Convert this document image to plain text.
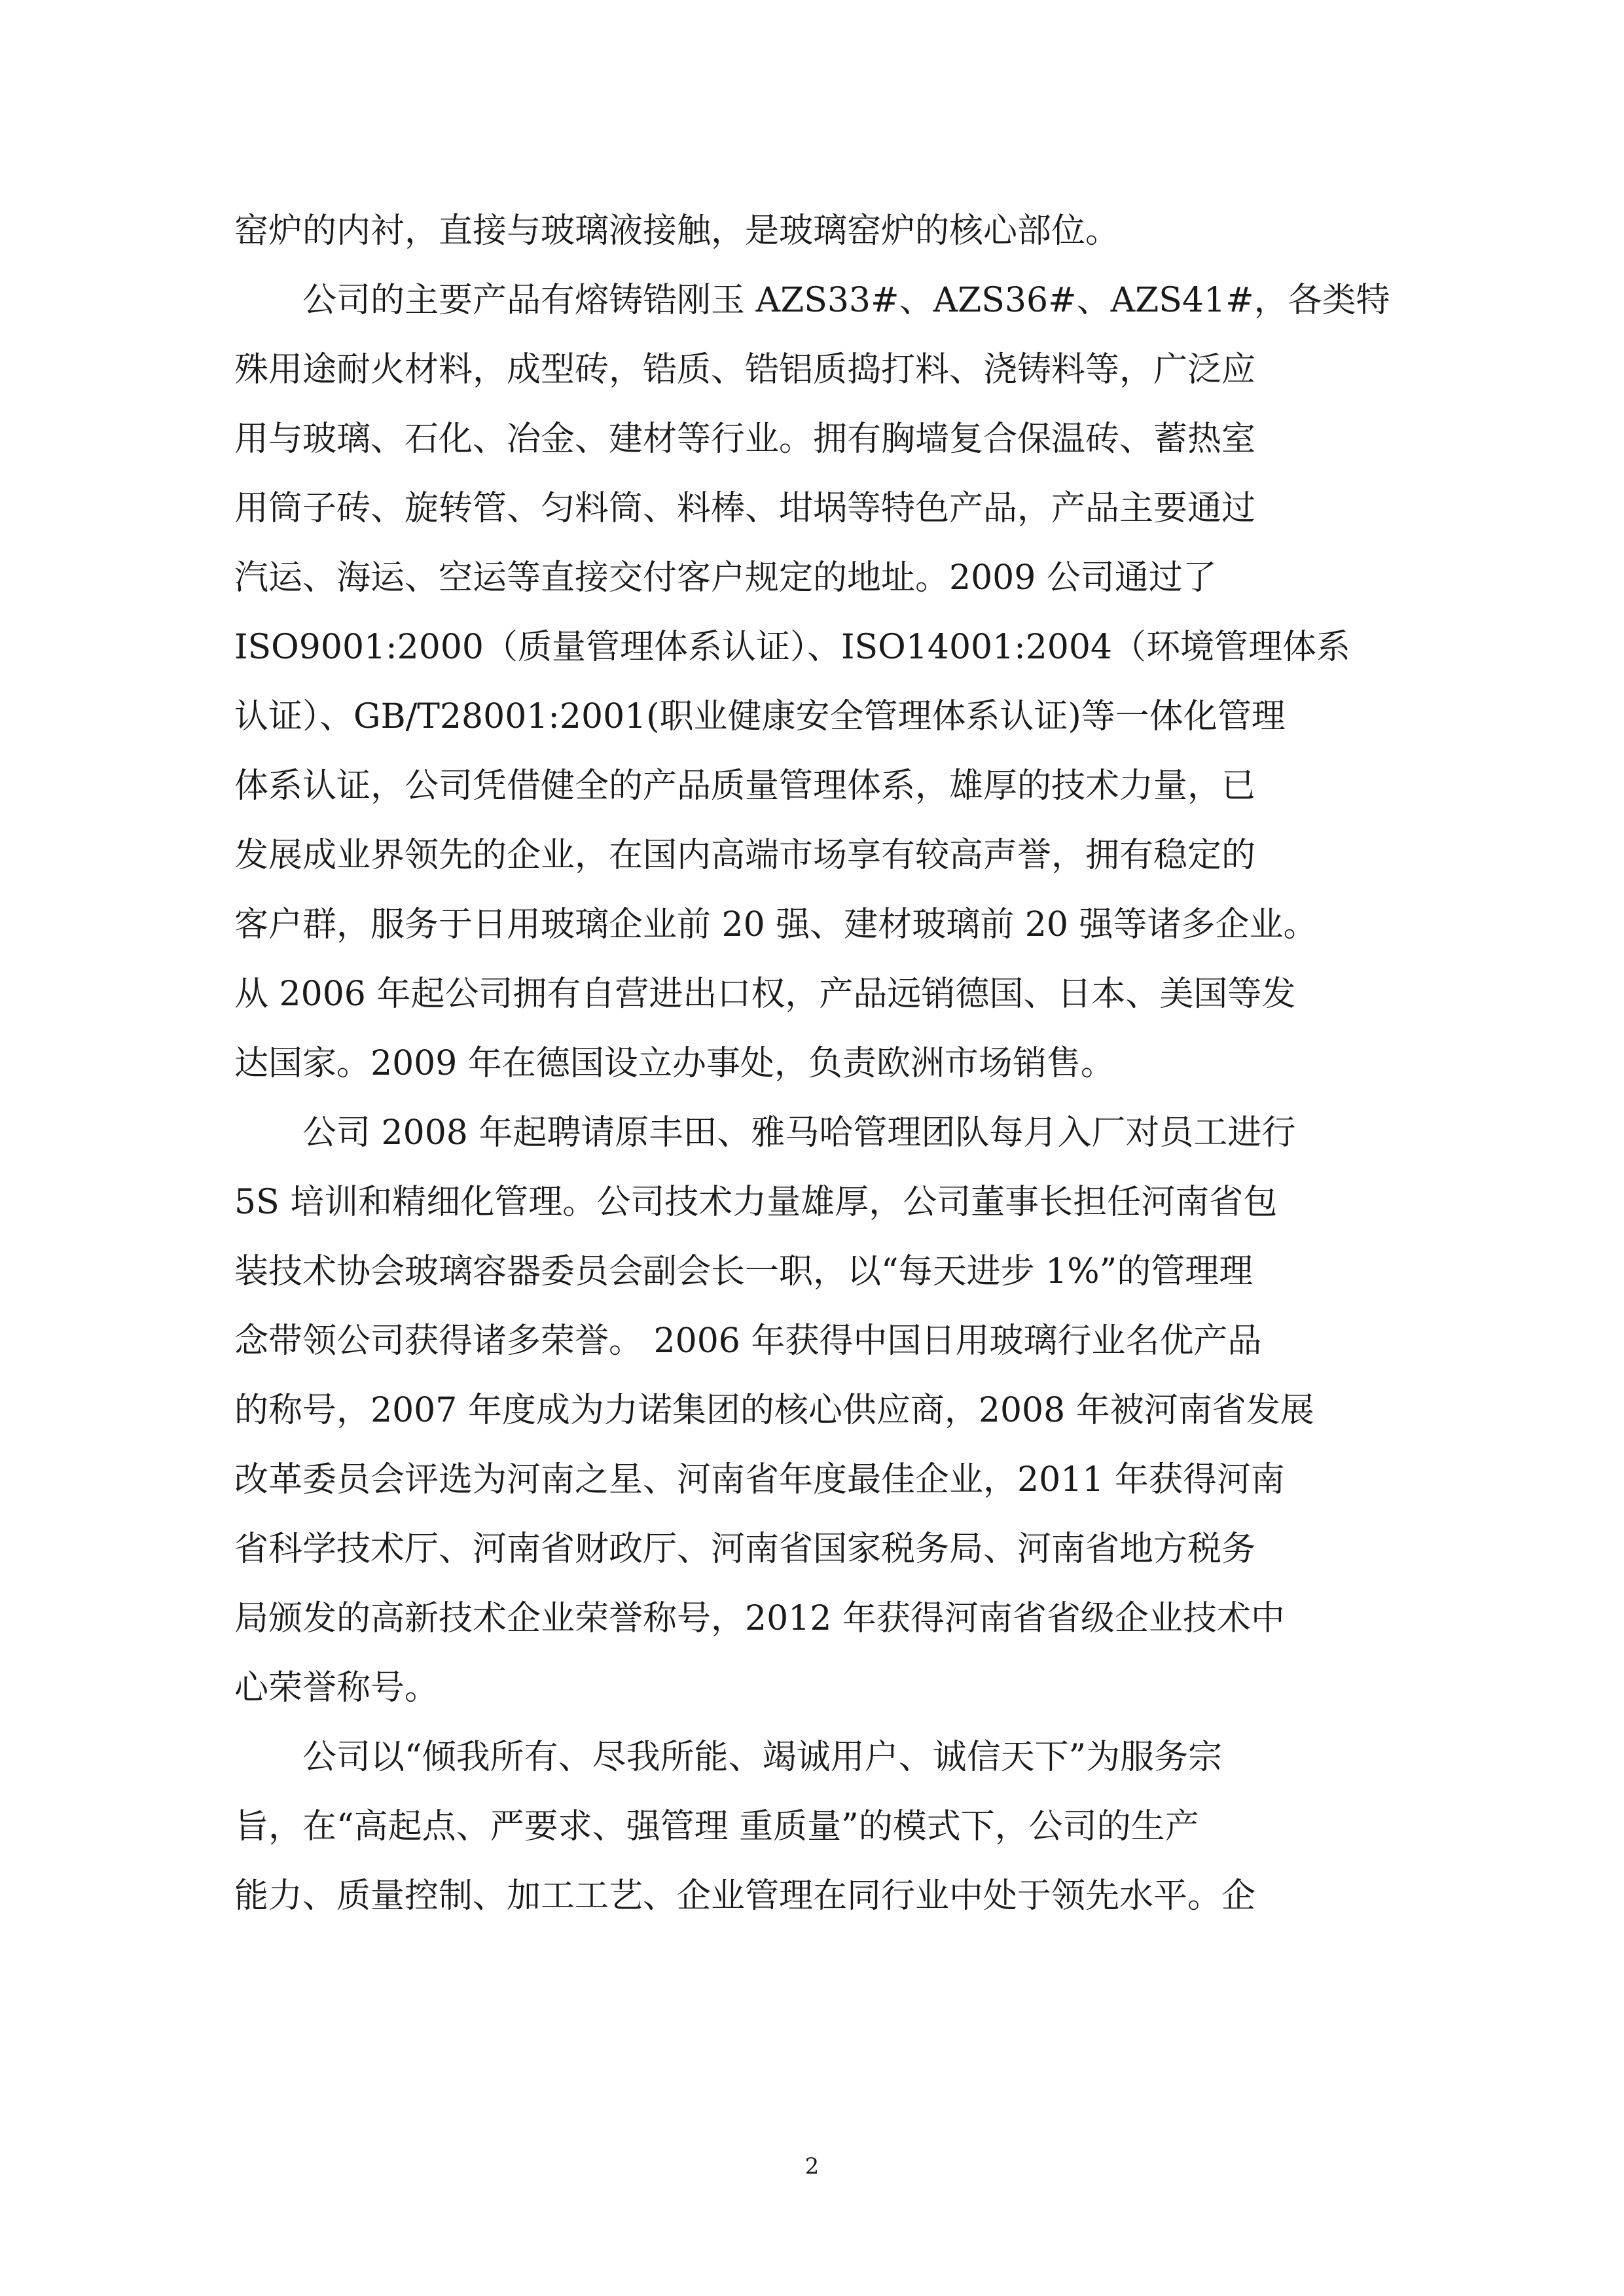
窑炉的内衬，直接与玻璃液接触，是玻璃窑炉的核心部位。
公司的主要产品有熔铸锆刚玉 AZS33#、AZS36#、AZS41#，各类特
殊用途耐火材料，成型砖，锆质、锆铝质捣打料、浇铸料等，广泛应
用与玻璃、石化、冶金、建材等行业。拥有胸墙复合保温砖、蓄热室
用筒子砖、旋转管、匀料筒、料棒、坩埚等特色产品，产品主要通过
汽运、海运、空运等直接交付客户规定的地址。2009 公司通过了
ISO9001:2000（质量管理体系认证）、ISO14001:2004（环境管理体系
认证）、GB/T28001:2001(职业健康安全管理体系认证)等一体化管理
体系认证，公司凭借健全的产品质量管理体系，雄厚的技术力量，已
发展成业界领先的企业，在国内高端市场享有较高声誉，拥有稳定的
客户群，服务于日用玻璃企业前 20 强、建材玻璃前 20 强等诸多企业。
从 2006 年起公司拥有自营进出口权，产品远销德国、日本、美国等发
达国家。2009 年在德国设立办事处，负责欧洲市场销售。
公司 2008 年起聘请原丰田、雅马哈管理团队每月入厂对员工进行
5S 培训和精细化管理。公司技术力量雄厚，公司董事长担任河南省包
装技术协会玻璃容器委员会副会长一职，以“每天进步 1%”的管理理
念带领公司获得诸多荣誉。 2006 年获得中国日用玻璃行业名优产品
的称号，2007 年度成为力诺集团的核心供应商，2008 年被河南省发展
改革委员会评选为河南之星、河南省年度最佳企业，2011 年获得河南
省科学技术厅、河南省财政厅、河南省国家税务局、河南省地方税务
局颁发的高新技术企业荣誉称号，2012 年获得河南省省级企业技术中
心荣誉称号。
公司以“倾我所有、尽我所能、竭诚用户、诚信天下”为服务宗
旨，在“高起点、严要求、强管理 重质量”的模式下，公司的生产
能力、质量控制、加工工艺、企业管理在同行业中处于领先水平。企
2
